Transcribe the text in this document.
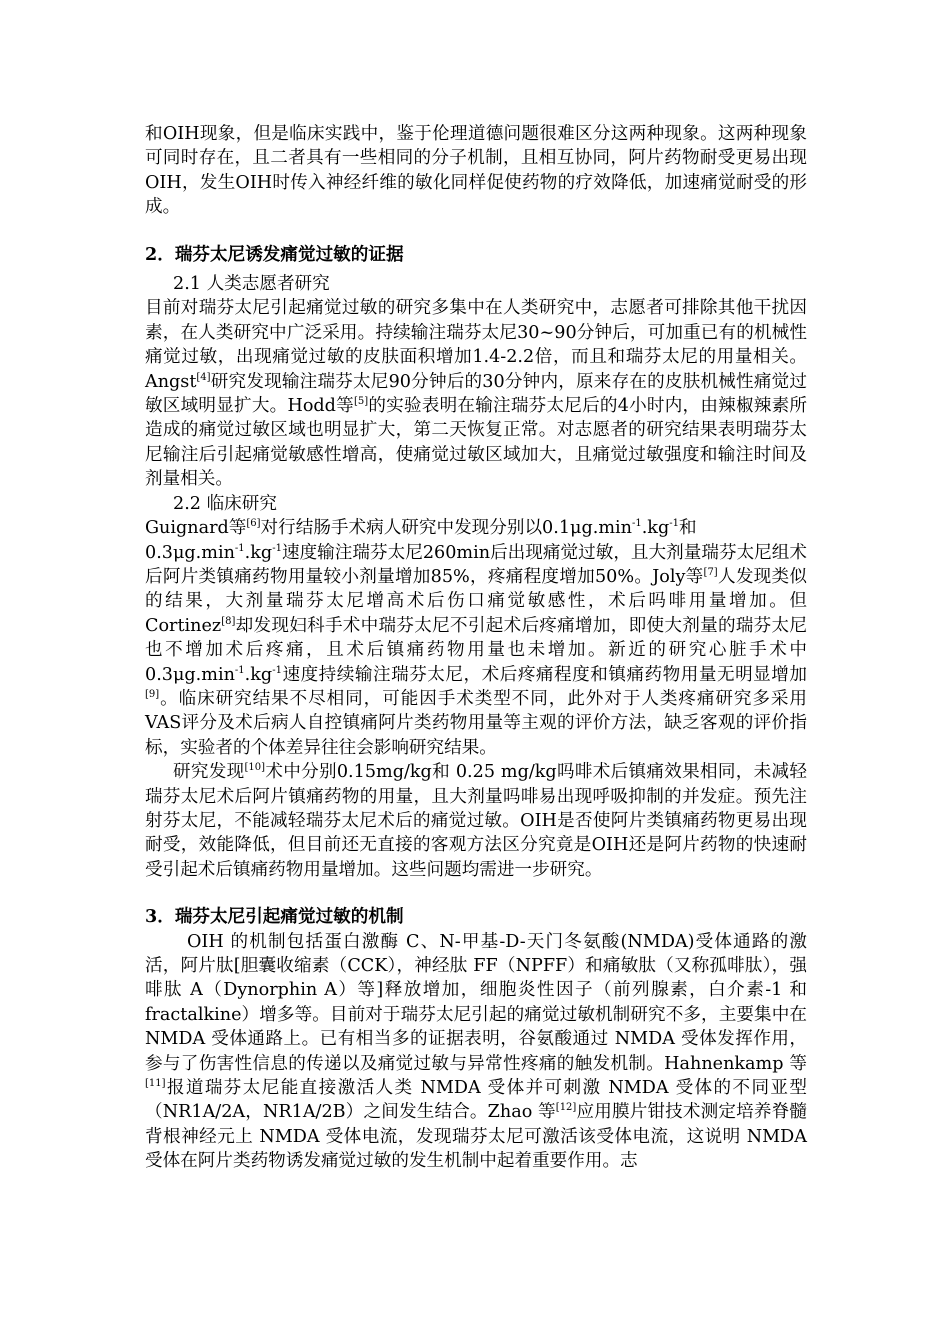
和OIH现象，但是临床实践中，鉴于伦理道德问题很难区分这两种现象。这两种现象可同时存在，且二者具有一些相同的分子机制，且相互协同，阿片药物耐受更易出现OIH，发生OIH时传入神经纤维的敏化同样促使药物的疗效降低，加速痛觉耐受的形成。

2．瑞芬太尼诱发痛觉过敏的证据

2.1 人类志愿者研究

目前对瑞芬太尼引起痛觉过敏的研究多集中在人类研究中，志愿者可排除其他干扰因素，在人类研究中广泛采用。持续输注瑞芬太尼30~90分钟后，可加重已有的机械性痛觉过敏，出现痛觉过敏的皮肤面积增加1.4-2.2倍，而且和瑞芬太尼的用量相关。Angst[4]研究发现输注瑞芬太尼90分钟后的30分钟内，原来存在的皮肤机械性痛觉过敏区域明显扩大。Hodd等[5]的实验表明在输注瑞芬太尼后的4小时内，由辣椒辣素所造成的痛觉过敏区域也明显扩大，第二天恢复正常。对志愿者的研究结果表明瑞芬太尼输注后引起痛觉敏感性增高，使痛觉过敏区域加大，且痛觉过敏强度和输注时间及剂量相关。

2.2 临床研究

Guignard等[6]对行结肠手术病人研究中发现分别以$0.1\mu g.\min^{-1}.kg^{-1}$和
$0.3\mu g.\min^{-1}.kg^{-1}$速度输注瑞芬太尼260min后出现痛觉过敏，且大剂量瑞芬太尼组术后阿片类镇痛药物用量较小剂量增加85%，疼痛程度增加50%。Joly等[7]人发现类似的结果，大剂量瑞芬太尼增高术后伤口痛觉敏感性，术后吗啡用量增加。但Cortinez[8]却发现妇科手术中瑞芬太尼不引起术后疼痛增加，即使大剂量的瑞芬太尼也不增加术后疼痛，且术后镇痛药物用量也未增加。新近的研究心脏手术中$0.3\mu g.\min^{-1}.kg^{-1}$速度持续输注瑞芬太尼，术后疼痛程度和镇痛药物用量无明显增加[9]。临床研究结果不尽相同，可能因手术类型不同，此外对于人类疼痛研究多采用VAS评分及术后病人自控镇痛阿片类药物用量等主观的评价方法，缺乏客观的评价指标，实验者的个体差异往往会影响研究结果。

研究发现[10]术中分别0.15mg/kg和 0.25 mg/kg吗啡术后镇痛效果相同，未减轻瑞芬太尼术后阿片镇痛药物的用量，且大剂量吗啡易出现呼吸抑制的并发症。预先注射芬太尼，不能减轻瑞芬太尼术后的痛觉过敏。OIH是否使阿片类镇痛药物更易出现耐受，效能降低，但目前还无直接的客观方法区分究竟是OIH还是阿片药物的快速耐受引起术后镇痛药物用量增加。这些问题均需进一步研究。

3．瑞芬太尼引起痛觉过敏的机制

OIH 的机制包括蛋白激酶 C、N-甲基-D-天门冬氨酸(NMDA)受体通路的激活，阿片肽[胆囊收缩素（CCK），神经肽 FF（NPFF）和痛敏肽（又称孤啡肽），强啡肽 A（Dynorphin A）等]释放增加，细胞炎性因子（前列腺素，白介素-1 和 fractalkine）增多等。目前对于瑞芬太尼引起的痛觉过敏机制研究不多，主要集中在 NMDA 受体通路上。已有相当多的证据表明，谷氨酸通过 NMDA 受体发挥作用，参与了伤害性信息的传递以及痛觉过敏与异常性疼痛的触发机制。Hahnenkamp 等[11]报道瑞芬太尼能直接激活人类 NMDA 受体并可刺激 NMDA 受体的不同亚型（NR1A/2A，NR1A/2B）之间发生结合。Zhao 等[12]应用膜片钳技术测定培养脊髓背根神经元上 NMDA 受体电流，发现瑞芬太尼可激活该受体电流，这说明 NMDA 受体在阿片类药物诱发痛觉过敏的发生机制中起着重要作用。志
